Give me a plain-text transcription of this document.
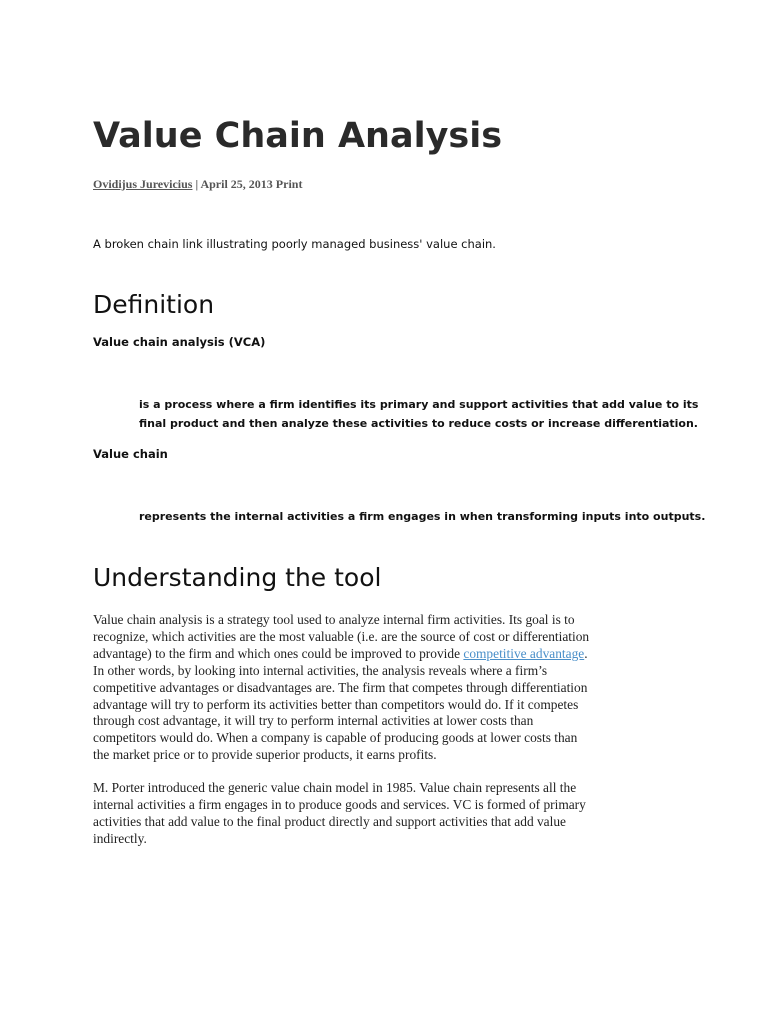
Value Chain Analysis
Ovidijus Jurevicius | April 25, 2013 Print
A broken chain link illustrating poorly managed business' value chain.
Definition
Value chain analysis (VCA)
is a process where a firm identifies its primary and support activities that add value to its
final product and then analyze these activities to reduce costs or increase differentiation.
Value chain
represents the internal activities a firm engages in when transforming inputs into outputs.
Understanding the tool
Value chain analysis is a strategy tool used to analyze internal firm activities. Its goal is to
recognize, which activities are the most valuable (i.e. are the source of cost or differentiation
advantage) to the firm and which ones could be improved to provide competitive advantage.
In other words, by looking into internal activities, the analysis reveals where a firm’s
competitive advantages or disadvantages are. The firm that competes through differentiation
advantage will try to perform its activities better than competitors would do. If it competes
through cost advantage, it will try to perform internal activities at lower costs than
competitors would do. When a company is capable of producing goods at lower costs than
the market price or to provide superior products, it earns profits.
M. Porter introduced the generic value chain model in 1985. Value chain represents all the
internal activities a firm engages in to produce goods and services. VC is formed of primary
activities that add value to the final product directly and support activities that add value
indirectly.
